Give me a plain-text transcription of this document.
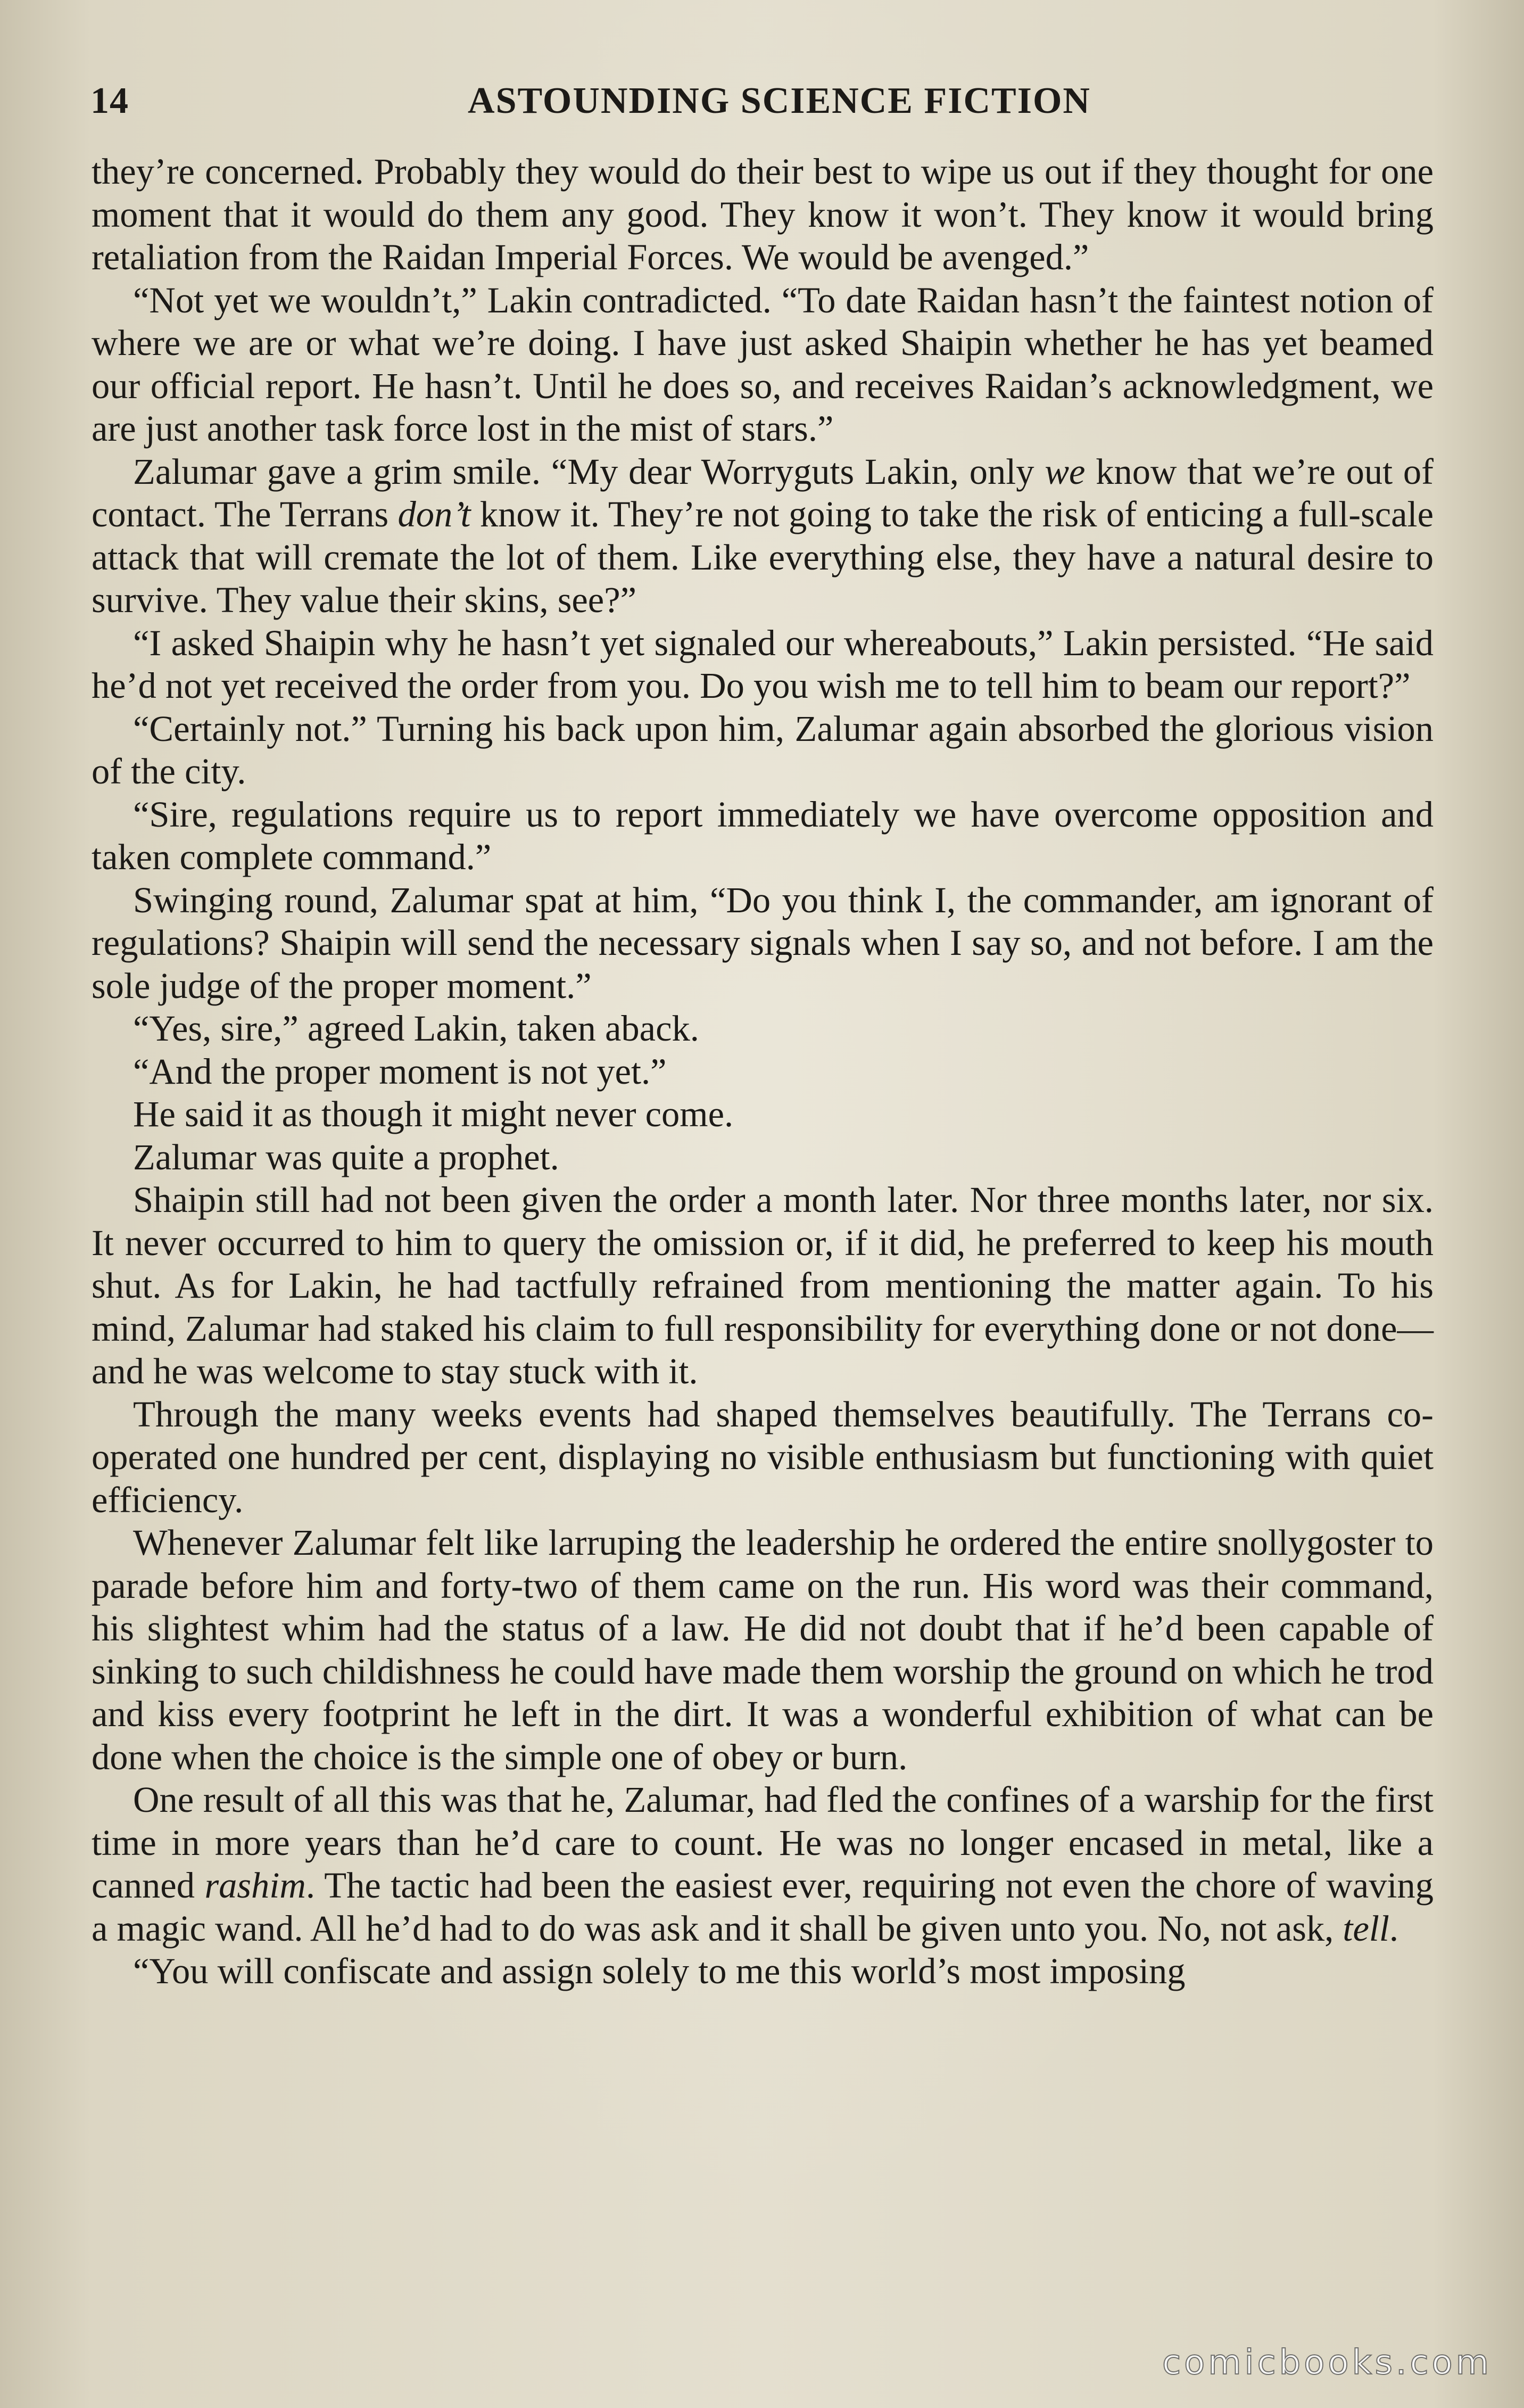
14	ASTOUNDING SCIENCE FICTION

they’re concerned. Probably they would do their best to wipe us out if they thought for one moment that it would do them any good. They know it won’t. They know it would bring retaliation from the Raidan Imperial Forces. We would be avenged.”

“Not yet we wouldn’t,” Lakin contradicted. “To date Raidan hasn’t the faintest notion of where we are or what we’re doing. I have just asked Shaipin whether he has yet beamed our official report. He hasn’t. Until he does so, and receives Raidan’s acknowledgment, we are just another task force lost in the mist of stars.”

Zalumar gave a grim smile. “My dear Worryguts Lakin, only we know that we’re out of contact. The Terrans don’t know it. They’re not going to take the risk of enticing a full-scale attack that will cremate the lot of them. Like everything else, they have a natural desire to survive. They value their skins, see?”

“I asked Shaipin why he hasn’t yet signaled our whereabouts,” Lakin persisted. “He said he’d not yet received the order from you. Do you wish me to tell him to beam our report?”

“Certainly not.” Turning his back upon him, Zalumar again absorbed the glorious vision of the city.

“Sire, regulations require us to report immediately we have overcome opposition and taken complete command.”

Swinging round, Zalumar spat at him, “Do you think I, the commander, am ignorant of regulations? Shaipin will send the necessary signals when I say so, and not before. I am the sole judge of the proper moment.”

“Yes, sire,” agreed Lakin, taken aback.

“And the proper moment is not yet.”

He said it as though it might never come.

Zalumar was quite a prophet.

Shaipin still had not been given the order a month later. Nor three months later, nor six. It never occurred to him to query the omission or, if it did, he preferred to keep his mouth shut. As for Lakin, he had tactfully refrained from mentioning the matter again. To his mind, Zalumar had staked his claim to full responsibility for everything done or not done—and he was welcome to stay stuck with it.

Through the many weeks events had shaped themselves beautifully. The Terrans co-operated one hundred per cent, displaying no visible enthusiasm but functioning with quiet efficiency.

Whenever Zalumar felt like larruping the leadership he ordered the entire snollygoster to parade before him and forty-two of them came on the run. His word was their command, his slightest whim had the status of a law. He did not doubt that if he’d been capable of sinking to such childishness he could have made them worship the ground on which he trod and kiss every footprint he left in the dirt. It was a wonderful exhibition of what can be done when the choice is the simple one of obey or burn.

One result of all this was that he, Zalumar, had fled the confines of a warship for the first time in more years than he’d care to count. He was no longer encased in metal, like a canned rashim. The tactic had been the easiest ever, requiring not even the chore of waving a magic wand. All he’d had to do was ask and it shall be given unto you. No, not ask, tell.

“You will confiscate and assign solely to me this world’s most imposing

comicbooks.com
